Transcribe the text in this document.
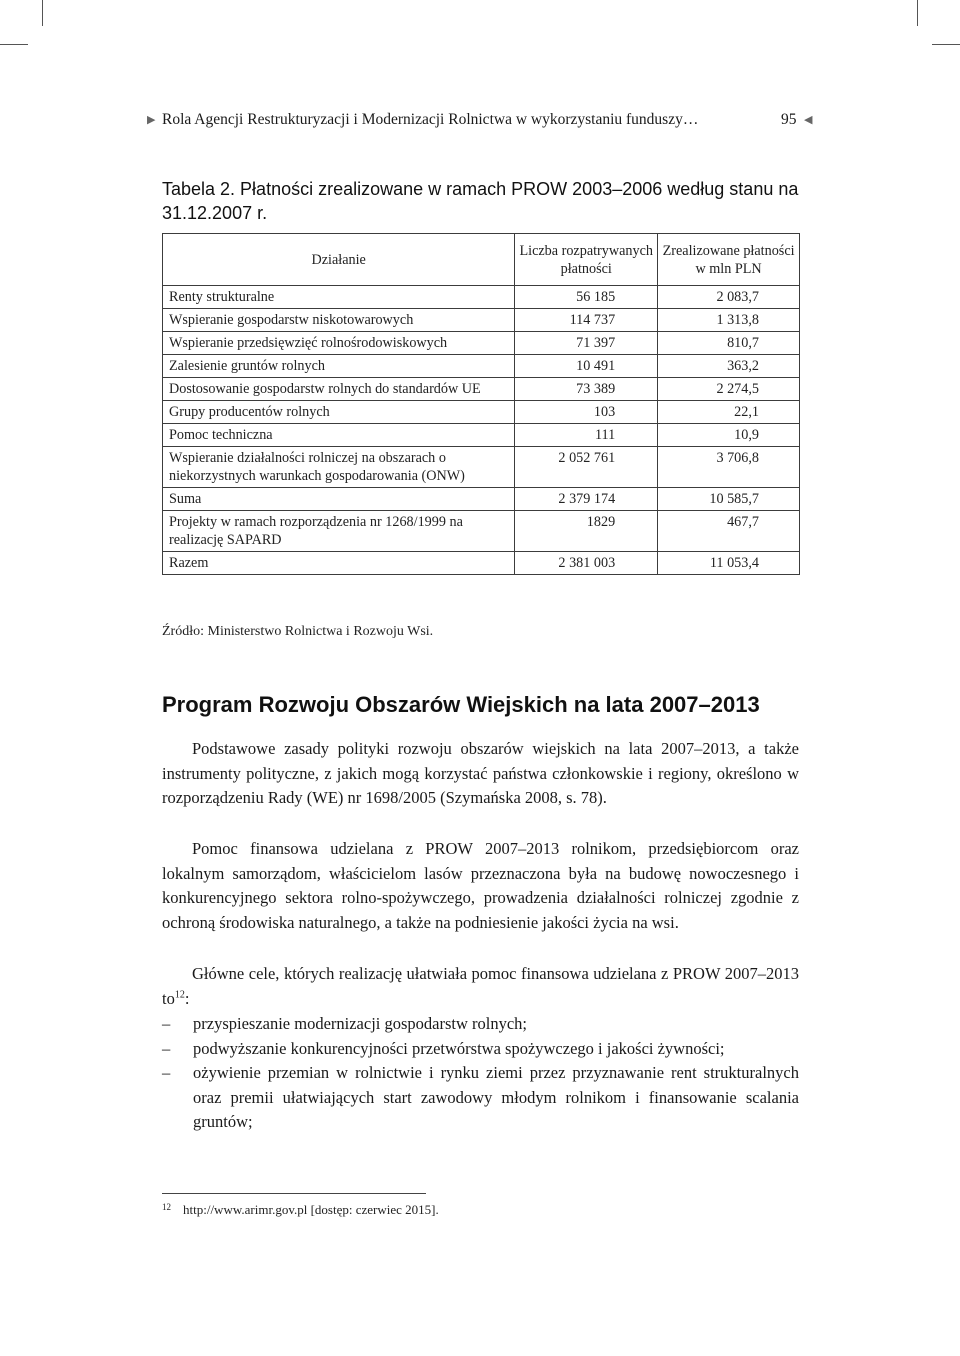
▶ Rola Agencji Restrukturyzacji i Modernizacji Rolnictwa w wykorzystaniu funduszy…	95 ◀
Tabela 2. Płatności zrealizowane w ramach PROW 2003–2006 według stanu na 31.12.2007 r.
Działanie	Liczba rozpatrywanych płatności	Zrealizowane płatności w mln PLN
Renty strukturalne	56 185	2 083,7
Wspieranie gospodarstw niskotowarowych	114 737	1 313,8
Wspieranie przedsięwzięć rolnośrodowiskowych	71 397	810,7
Zalesienie gruntów rolnych	10 491	363,2
Dostosowanie gospodarstw rolnych do standardów UE	73 389	2 274,5
Grupy producentów rolnych	103	22,1
Pomoc techniczna	111	10,9
Wspieranie działalności rolniczej na obszarach o niekorzystnych warunkach gospodarowania (ONW)	2 052 761	3 706,8
Suma	2 379 174	10 585,7
Projekty w ramach rozporządzenia nr 1268/1999 na realizację SAPARD	1829	467,7
Razem	2 381 003	11 053,4
Źródło: Ministerstwo Rolnictwa i Rozwoju Wsi.
Program Rozwoju Obszarów Wiejskich na lata 2007–2013

Podstawowe zasady polityki rozwoju obszarów wiejskich na lata 2007–2013, a także instrumenty polityczne, z jakich mogą korzystać państwa członkowskie i regiony, określono w rozporządzeniu Rady (WE) nr 1698/2005 (Szymańska 2008, s. 78).

Pomoc finansowa udzielana z PROW 2007–2013 rolnikom, przedsiębiorcom oraz lokalnym samorządom, właścicielom lasów przeznaczona była na budowę nowoczesnego i konkurencyjnego sektora rolno-spożywczego, prowadzenia działalności rolniczej zgodnie z ochroną środowiska naturalnego, a także na podniesienie jakości życia na wsi.

Główne cele, których realizację ułatwiała pomoc finansowa udzielana z PROW 2007–2013 $to^{12}$:

– przyspieszanie modernizacji gospodarstw rolnych;
– podwyższanie konkurencyjności przetwórstwa spożywczego i jakości żywności;
– ożywienie przemian w rolnictwie i rynku ziemi przez przyznawanie rent strukturalnych oraz premii ułatwiających start zawodowy młodym rolnikom i finansowanie scalania gruntów;
12 http://www.arimr.gov.pl [dostęp: czerwiec 2015].
